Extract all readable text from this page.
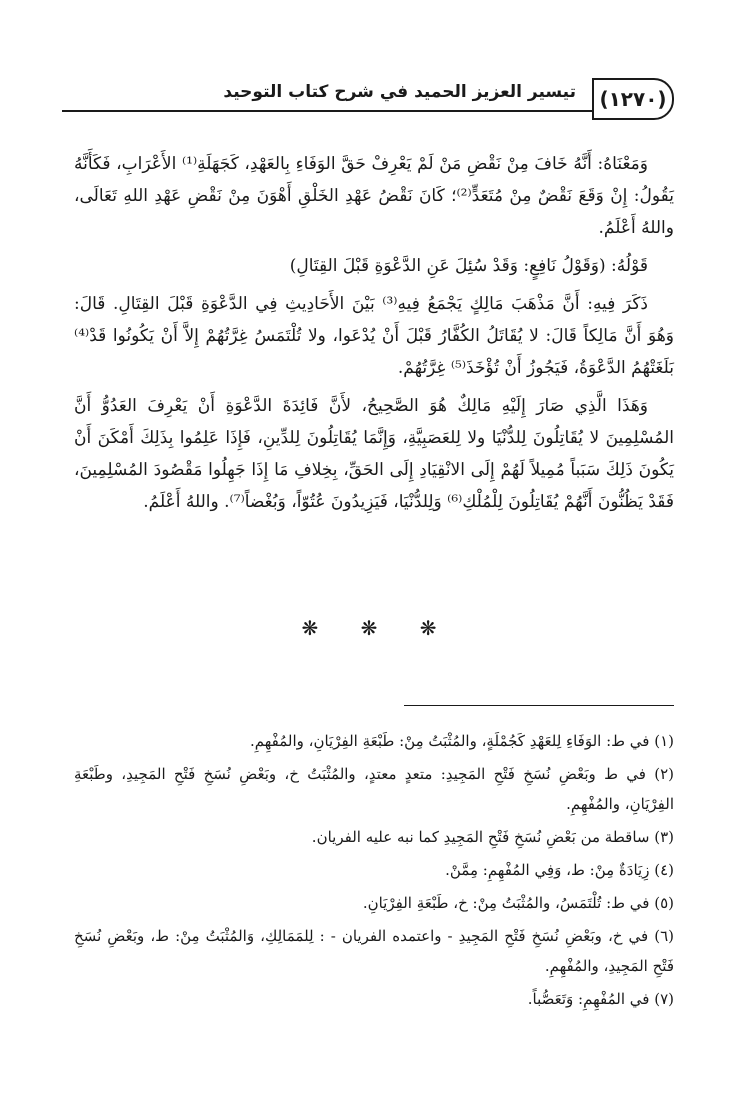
(١٢٧٠)
تيسير العزيز الحميد في شرح كتاب التوحيد

وَمَعْنَاهُ: أَنَّهُ خَافَ مِنْ نَقْضِ مَنْ لَمْ يَعْرِفْ حَقَّ الوَفَاءِ بِالعَهْدِ، كَجَهَلَةِ⁽¹⁾ الأَعْرَابِ، فَكَأَنَّهُ يَقُولُ: إِنْ وَقَعَ نَقْضٌ مِنْ مُتَعَدٍّ⁽²⁾؛ كَانَ نَقْضُ عَهْدِ الخَلْقِ أَهْوَنَ مِنْ نَقْضِ عَهْدِ اللهِ تَعَالَى، واللهُ أَعْلَمُ.

قَوْلُهُ: (وَقَوْلُ نَافِعٍ: وَقَدْ سُئِلَ عَنِ الدَّعْوَةِ قَبْلَ القِتَالِ)

ذَكَرَ فِيهِ: أَنَّ مَذْهَبَ مَالِكٍ يَجْمَعُ فِيهِ⁽³⁾ بَيْنَ الأَحَادِيثِ فِي الدَّعْوَةِ قَبْلَ القِتَالِ. قَالَ: وَهُوَ أَنَّ مَالِكاً قَالَ: لا يُقَاتَلُ الكُفَّارُ قَبْلَ أَنْ يُدْعَوا، ولا تُلْتَمَسُ غِرَّتُهُمْ إِلاَّ أَنْ يَكُونُوا قَدْ⁽⁴⁾ بَلَغَتْهُمُ الدَّعْوَةُ، فَيَجُوزُ أَنْ تُؤْخَذَ⁽⁵⁾ غِرَّتُهُمْ.

وَهَذَا الَّذِي صَارَ إِلَيْهِ مَالِكٌ هُوَ الصَّحِيحُ، لأَنَّ فَائِدَةَ الدَّعْوَةِ أَنْ يَعْرِفَ العَدُوُّ أَنَّ المُسْلِمِينَ لا يُقَاتِلُونَ لِلدُّنْيَا ولا لِلعَصَبِيَّةِ، وَإِنَّمَا يُقَاتِلُونَ لِلدِّينِ، فَإِذَا عَلِمُوا بِذَلِكَ أَمْكَنَ أَنْ يَكُونَ ذَلِكَ سَبَباً مُمِيلاً لَهُمْ إِلَى الانْقِيَادِ إِلَى الحَقِّ، بِخِلافِ مَا إِذَا جَهِلُوا مَقْصُودَ المُسْلِمِينَ، فَقَدْ يَظُنُّونَ أَنَّهُمْ يُقَاتِلُونَ لِلْمُلْكِ⁽⁶⁾ وَلِلدُّنْيَا، فَيَزِيدُونَ عُتُوّاً، وَبُغْضاً⁽⁷⁾. واللهُ أَعْلَمُ.

❋ ❋ ❋
(١) في ط: الوَفَاءِ لِلعَهْدِ كَجُمْلَةٍ، والمُثْبَتُ مِنْ: طَبْعَةِ الفِرْيَانِ، والمُفْهِمِ.
(٢) في ط وبَعْضِ نُسَخِ فَتْحِ المَجِيدِ: متعدٍ معتدٍ، والمُثْبَتُ خ، وبَعْضِ نُسَخِ فَتْحِ المَجِيدِ، وطَبْعَةِ الفِرْيَانِ، والمُفْهِمِ.
(٣) ساقطة من بَعْضِ نُسَخِ فَتْحِ المَجِيدِ كما نبه عليه الفريان.
(٤) زِيَادَةٌ مِنْ: ط، وَفِي المُفْهِمِ: مِمَّنْ.
(٥) في ط: تُلْتَمَسُ، والمُثْبَتُ مِنْ: خ، طَبْعَةِ الفِرْيَانِ.
(٦) في خ، وبَعْضِ نُسَخِ فَتْحِ المَجِيدِ - واعتمده الفريان - : لِلمَمَالِكِ، وَالمُثْبَتُ مِنْ: ط، وبَعْضِ نُسَخِ فَتْحِ المَجِيدِ، والمُفْهِمِ.
(٧) في المُفْهِمِ: وَتَعَصُّباً.
